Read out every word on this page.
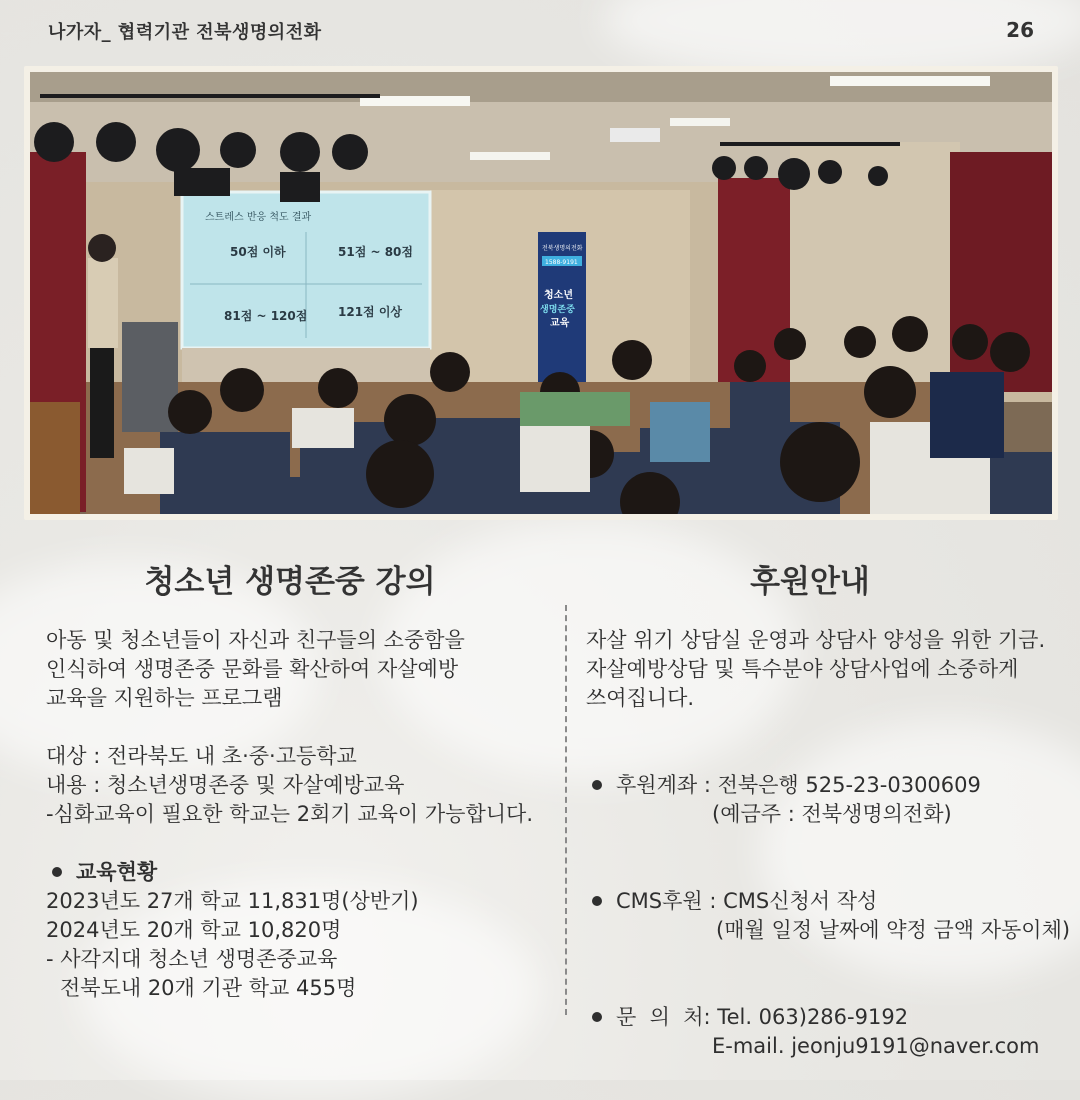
나가자_ 협력기관 전북생명의전화	26
스트레스 반응 척도 결과
50점 이하	51점 ~ 80점
81점 ~ 120점	121점 이상
전북생명의전화
1588-9191
청소년
생명존중
교육
청소년 생명존중 강의
아동 및 청소년들이 자신과 친구들의 소중함을
인식하여 생명존중 문화를 확산하여 자살예방
교육을 지원하는 프로그램
대상 : 전라북도 내 초·중·고등학교
내용 : 청소년생명존중 및 자살예방교육
-심화교육이 필요한 학교는 2회기 교육이 가능합니다.
교육현황
2023년도 27개 학교 11,831명(상반기)
2024년도 20개 학교 10,820명
- 사각지대 청소년 생명존중교육
전북도내 20개 기관 학교 455명
후원안내
자살 위기 상담실 운영과 상담사 양성을 위한 기금.
자살예방상담 및 특수분야 상담사업에 소중하게
쓰여집니다.
후원계좌 : 전북은행 525-23-0300609
(예금주 : 전북생명의전화)
CMS후원 : CMS신청서 작성
(매월 일정 날짜에 약정 금액 자동이체)
문  의  처: Tel. 063)286-9192
E-mail. jeonju9191@naver.com
